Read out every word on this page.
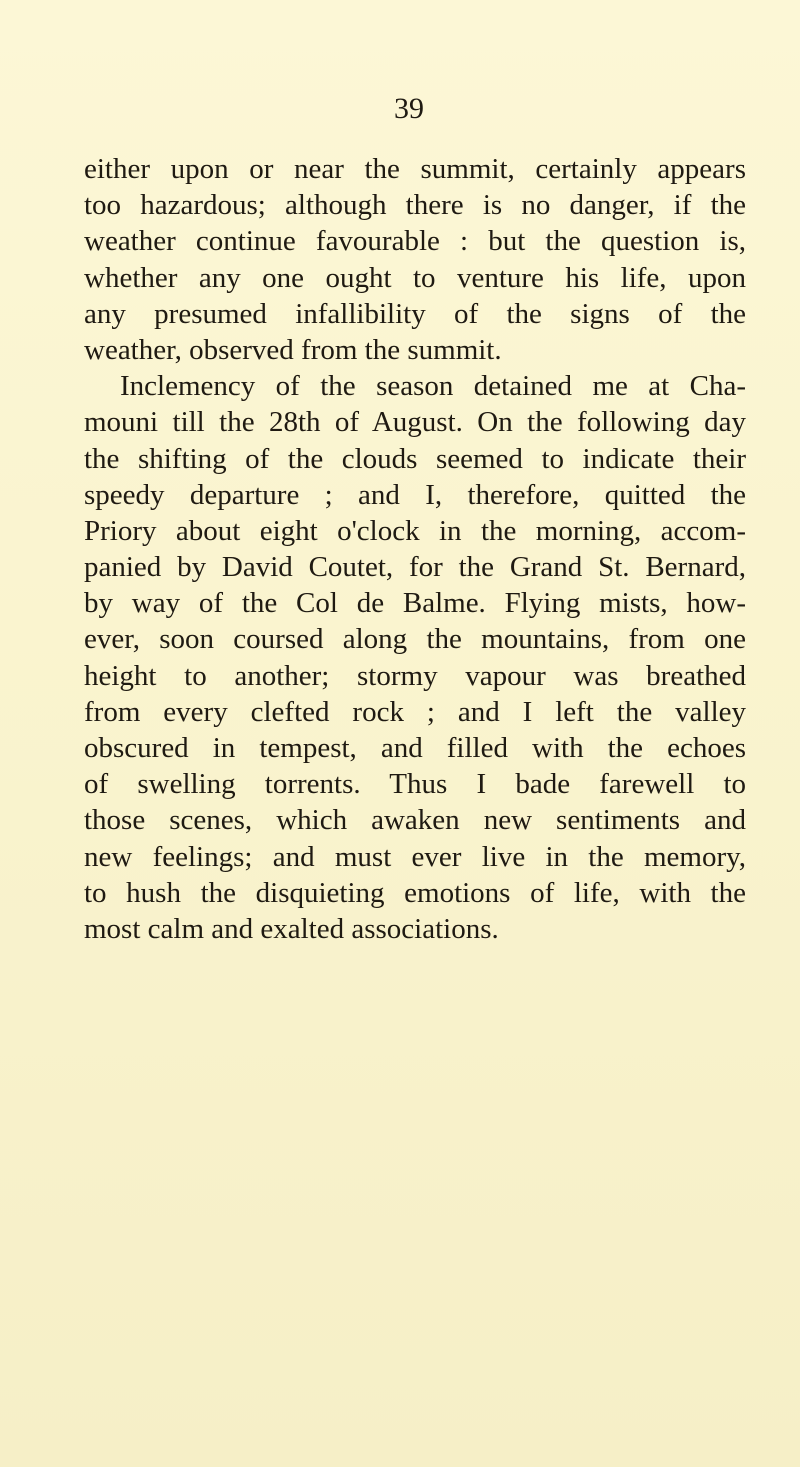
39
either upon or near the summit, certainly appears
too hazardous; although there is no danger, if the
weather continue favourable : but the question is,
whether any one ought to venture his life, upon
any presumed infallibility of the signs of the
weather, observed from the summit.
Inclemency of the season detained me at Cha-
mouni till the 28th of August. On the following day
the shifting of the clouds seemed to indicate their
speedy departure ; and I, therefore, quitted the
Priory about eight o'clock in the morning, accom-
panied by David Coutet, for the Grand St. Bernard,
by way of the Col de Balme. Flying mists, how-
ever, soon coursed along the mountains, from one
height to another; stormy vapour was breathed
from every clefted rock ; and I left the valley
obscured in tempest, and filled with the echoes
of swelling torrents. Thus I bade farewell to
those scenes, which awaken new sentiments and
new feelings; and must ever live in the memory,
to hush the disquieting emotions of life, with the
most calm and exalted associations.
